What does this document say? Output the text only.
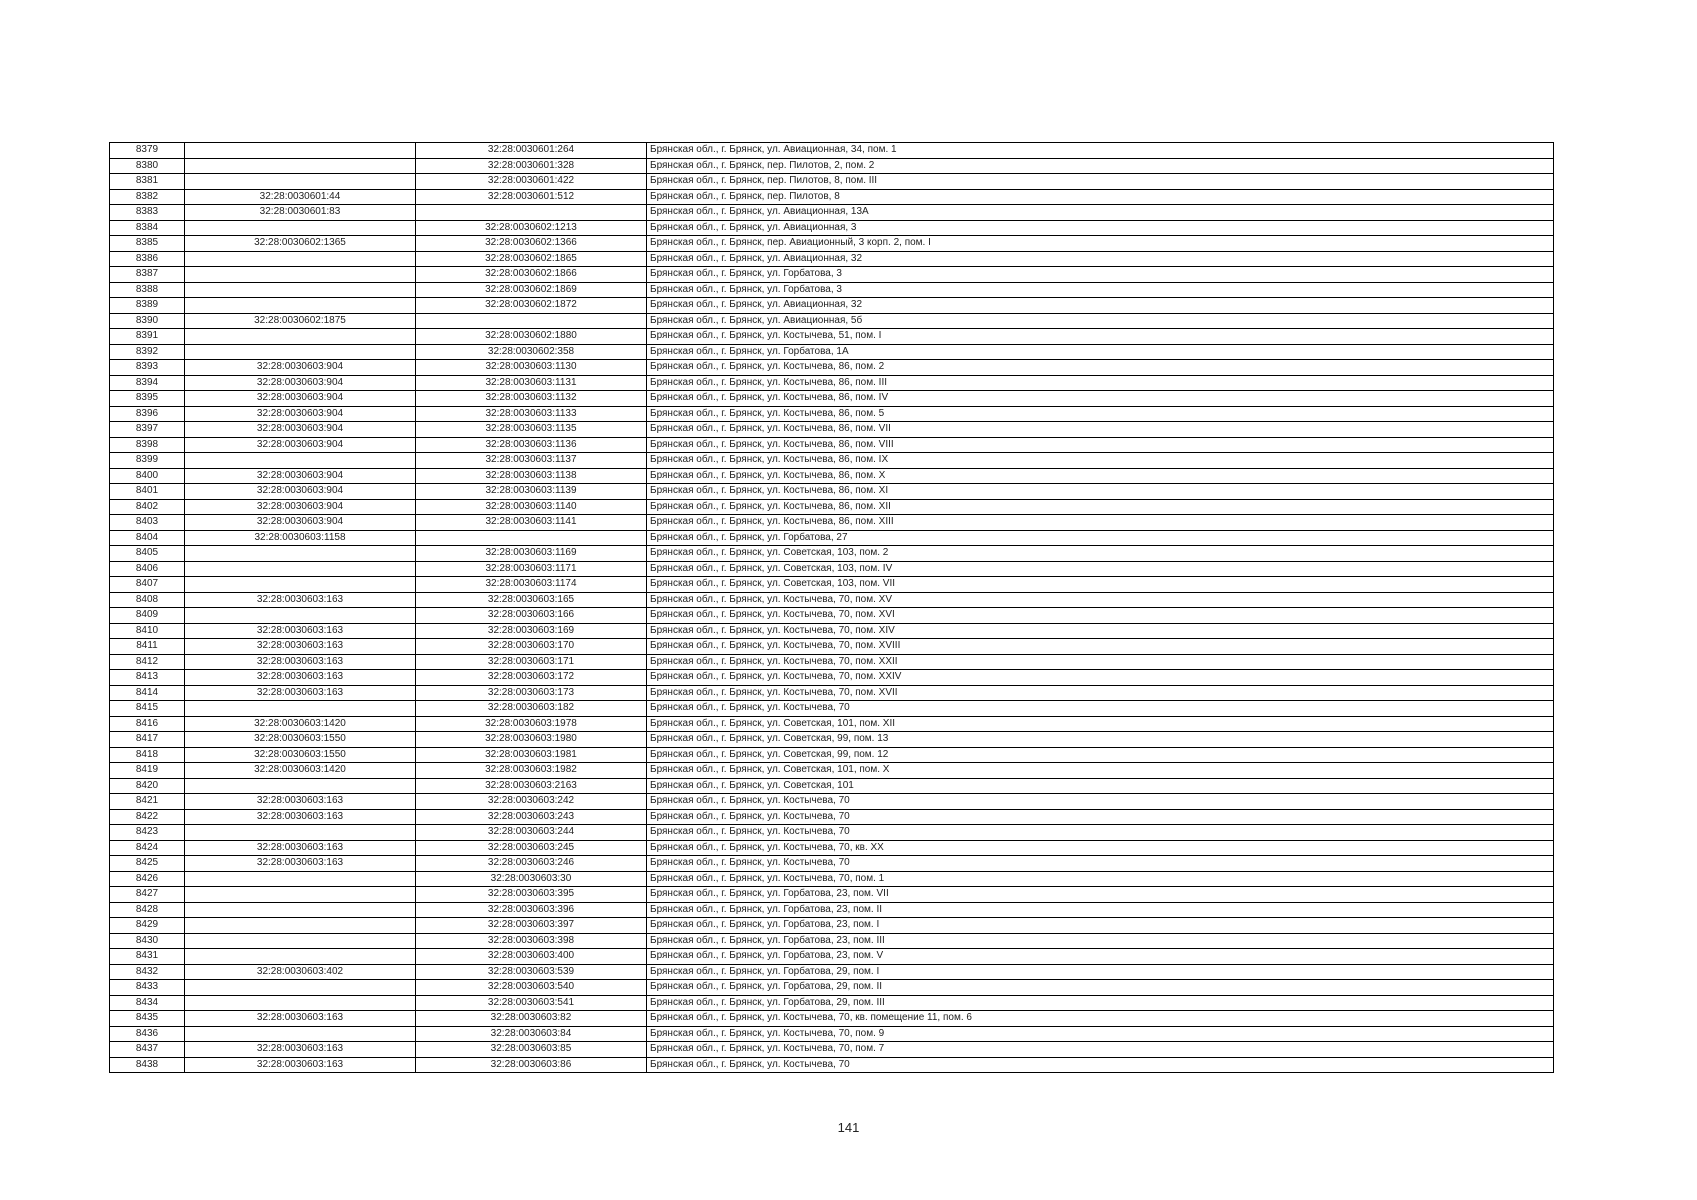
8379		32:28:0030601:264	Брянская обл., г. Брянск, ул. Авиационная, 34, пом. 1
8380		32:28:0030601:328	Брянская обл., г. Брянск, пер. Пилотов, 2, пом. 2
8381		32:28:0030601:422	Брянская обл., г. Брянск, пер. Пилотов, 8, пом. III
8382	32:28:0030601:44	32:28:0030601:512	Брянская обл., г. Брянск, пер. Пилотов, 8
8383	32:28:0030601:83		Брянская обл., г. Брянск, ул. Авиационная, 13А
8384		32:28:0030602:1213	Брянская обл., г. Брянск, ул. Авиационная, 3
8385	32:28:0030602:1365	32:28:0030602:1366	Брянская обл., г. Брянск, пер. Авиационный, 3 корп. 2, пом. I
8386		32:28:0030602:1865	Брянская обл., г. Брянск, ул. Авиационная, 32
8387		32:28:0030602:1866	Брянская обл., г. Брянск, ул. Горбатова, 3
8388		32:28:0030602:1869	Брянская обл., г. Брянск, ул. Горбатова, 3
8389		32:28:0030602:1872	Брянская обл., г. Брянск, ул. Авиационная, 32
8390	32:28:0030602:1875		Брянская обл., г. Брянск, ул. Авиационная, 5б
8391		32:28:0030602:1880	Брянская обл., г. Брянск, ул. Костычева, 51, пом. I
8392		32:28:0030602:358	Брянская обл., г. Брянск, ул. Горбатова, 1А
8393	32:28:0030603:904	32:28:0030603:1130	Брянская обл., г. Брянск, ул. Костычева, 86, пом. 2
8394	32:28:0030603:904	32:28:0030603:1131	Брянская обл., г. Брянск, ул. Костычева, 86, пом. III
8395	32:28:0030603:904	32:28:0030603:1132	Брянская обл., г. Брянск, ул. Костычева, 86, пом. IV
8396	32:28:0030603:904	32:28:0030603:1133	Брянская обл., г. Брянск, ул. Костычева, 86, пом. 5
8397	32:28:0030603:904	32:28:0030603:1135	Брянская обл., г. Брянск, ул. Костычева, 86, пом. VII
8398	32:28:0030603:904	32:28:0030603:1136	Брянская обл., г. Брянск, ул. Костычева, 86, пом. VIII
8399		32:28:0030603:1137	Брянская обл., г. Брянск, ул. Костычева, 86, пом. IX
8400	32:28:0030603:904	32:28:0030603:1138	Брянская обл., г. Брянск, ул. Костычева, 86, пом. X
8401	32:28:0030603:904	32:28:0030603:1139	Брянская обл., г. Брянск, ул. Костычева, 86, пом. XI
8402	32:28:0030603:904	32:28:0030603:1140	Брянская обл., г. Брянск, ул. Костычева, 86, пом. XII
8403	32:28:0030603:904	32:28:0030603:1141	Брянская обл., г. Брянск, ул. Костычева, 86, пом. XIII
8404	32:28:0030603:1158		Брянская обл., г. Брянск, ул. Горбатова, 27
8405		32:28:0030603:1169	Брянская обл., г. Брянск, ул. Советская, 103, пом. 2
8406		32:28:0030603:1171	Брянская обл., г. Брянск, ул. Советская, 103, пом. IV
8407		32:28:0030603:1174	Брянская обл., г. Брянск, ул. Советская, 103, пом. VII
8408	32:28:0030603:163	32:28:0030603:165	Брянская обл., г. Брянск, ул. Костычева, 70, пом. XV
8409		32:28:0030603:166	Брянская обл., г. Брянск, ул. Костычева, 70, пом. XVI
8410	32:28:0030603:163	32:28:0030603:169	Брянская обл., г. Брянск, ул. Костычева, 70, пом. XIV
8411	32:28:0030603:163	32:28:0030603:170	Брянская обл., г. Брянск, ул. Костычева, 70, пом. XVIII
8412	32:28:0030603:163	32:28:0030603:171	Брянская обл., г. Брянск, ул. Костычева, 70, пом. XXII
8413	32:28:0030603:163	32:28:0030603:172	Брянская обл., г. Брянск, ул. Костычева, 70, пом. XXIV
8414	32:28:0030603:163	32:28:0030603:173	Брянская обл., г. Брянск, ул. Костычева, 70, пом. XVII
8415		32:28:0030603:182	Брянская обл., г. Брянск, ул. Костычева, 70
8416	32:28:0030603:1420	32:28:0030603:1978	Брянская обл., г. Брянск, ул. Советская, 101, пом. XII
8417	32:28:0030603:1550	32:28:0030603:1980	Брянская обл., г. Брянск, ул. Советская, 99, пом. 13
8418	32:28:0030603:1550	32:28:0030603:1981	Брянская обл., г. Брянск, ул. Советская, 99, пом. 12
8419	32:28:0030603:1420	32:28:0030603:1982	Брянская обл., г. Брянск, ул. Советская, 101, пом. X
8420		32:28:0030603:2163	Брянская обл., г. Брянск, ул. Советская, 101
8421	32:28:0030603:163	32:28:0030603:242	Брянская обл., г. Брянск, ул. Костычева, 70
8422	32:28:0030603:163	32:28:0030603:243	Брянская обл., г. Брянск, ул. Костычева, 70
8423		32:28:0030603:244	Брянская обл., г. Брянск, ул. Костычева, 70
8424	32:28:0030603:163	32:28:0030603:245	Брянская обл., г. Брянск, ул. Костычева, 70, кв. XX
8425	32:28:0030603:163	32:28:0030603:246	Брянская обл., г. Брянск, ул. Костычева, 70
8426		32:28:0030603:30	Брянская обл., г. Брянск, ул. Костычева, 70, пом. 1
8427		32:28:0030603:395	Брянская обл., г. Брянск, ул. Горбатова, 23, пом. VII
8428		32:28:0030603:396	Брянская обл., г. Брянск, ул. Горбатова, 23, пом. II
8429		32:28:0030603:397	Брянская обл., г. Брянск, ул. Горбатова, 23, пом. I
8430		32:28:0030603:398	Брянская обл., г. Брянск, ул. Горбатова, 23, пом. III
8431		32:28:0030603:400	Брянская обл., г. Брянск, ул. Горбатова, 23, пом. V
8432	32:28:0030603:402	32:28:0030603:539	Брянская обл., г. Брянск, ул. Горбатова, 29, пом. I
8433		32:28:0030603:540	Брянская обл., г. Брянск, ул. Горбатова, 29, пом. II
8434		32:28:0030603:541	Брянская обл., г. Брянск, ул. Горбатова, 29, пом. III
8435	32:28:0030603:163	32:28:0030603:82	Брянская обл., г. Брянск, ул. Костычева, 70, кв. помещение 11, пом. 6
8436		32:28:0030603:84	Брянская обл., г. Брянск, ул. Костычева, 70, пом. 9
8437	32:28:0030603:163	32:28:0030603:85	Брянская обл., г. Брянск, ул. Костычева, 70, пом. 7
8438	32:28:0030603:163	32:28:0030603:86	Брянская обл., г. Брянск, ул. Костычева, 70
141
